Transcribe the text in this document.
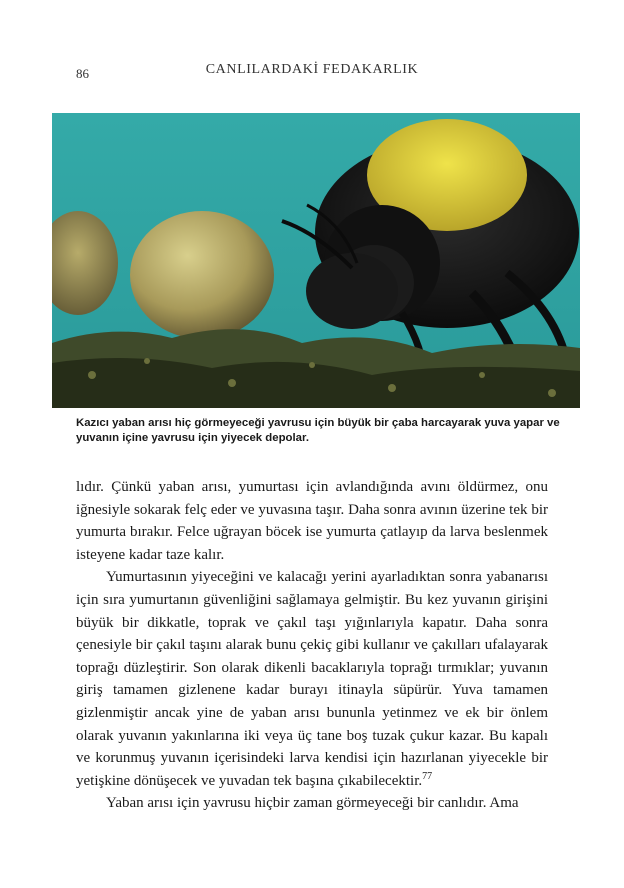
86	CANLILARDAKİ FEDAKARLIK

Kazıcı yaban arısı hiç görmeyeceği yavrusu için büyük bir çaba harcayarak yuva yapar ve yuvanın içine yavrusu için yiyecek depolar.

lıdır. Çünkü yaban arısı, yumurtası için avlandığında avını öldürmez, onu iğnesiyle sokarak felç eder ve yuvasına taşır. Daha sonra avının üzerine tek bir yumurta bırakır. Felce uğrayan böcek ise yumurta çatlayıp da larva beslenmek isteyene kadar taze kalır.

Yumurtasının yiyeceğini ve kalacağı yerini ayarladıktan sonra yabanarısı için sıra yumurtanın güvenliğini sağlamaya gelmiştir. Bu kez yuvanın girişini büyük bir dikkatle, toprak ve çakıl taşı yığınlarıyla kapatır. Daha sonra çenesiyle bir çakıl taşını alarak bunu çekiç gibi kullanır ve çakılları ufalayarak toprağı düzleştirir. Son olarak dikenli bacaklarıyla toprağı tırmıklar; yuvanın giriş tamamen gizlenene kadar burayı itinayla süpürür. Yuva tamamen gizlenmiştir ancak yine de yaban arısı bununla yetinmez ve ek bir önlem olarak yuvanın yakınlarına iki veya üç tane boş tuzak çukur kazar. Bu kapalı ve korunmuş yuvanın içerisindeki larva kendisi için hazırlanan yiyecekle bir yetişkine dönüşecek ve yuvadan tek başına çıkabilecektir.$^{77}$

Yaban arısı için yavrusu hiçbir zaman görmeyeceği bir canlıdır. Ama
